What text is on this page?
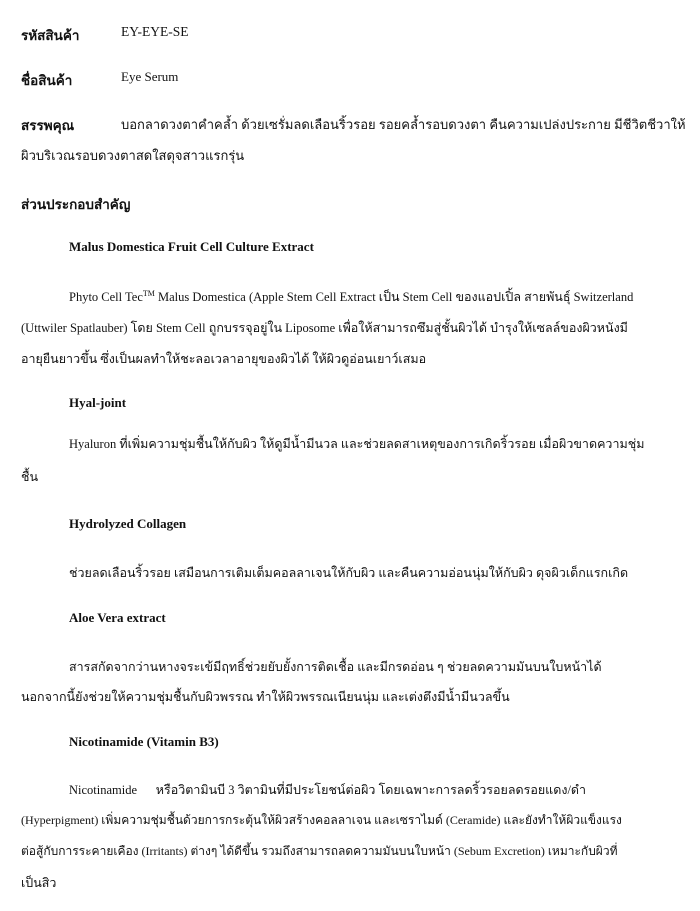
รหัสสินค้า	EY-EYE-SE
ชื่อสินค้า	Eye Serum
สรรพคุณ	บอกลาดวงตาคำคล้ำ ด้วยเซรั่มลดเลือนริ้วรอย รอยคล้ำรอบดวงตา คืนความเปล่งประกาย มีชีวิตชีวาให้
ผิวบริเวณรอบดวงตาสดใสดุจสาวแรกรุ่น
ส่วนประกอบสำคัญ
Malus Domestica Fruit Cell Culture Extract
Phyto Cell Tec™ Malus Domestica (Apple Stem Cell Extract เป็น Stem Cell ของแอปเปิ้ล สายพันธุ์ Switzerland
(Uttwiler Spatlauber) โดย Stem Cell ถูกบรรจุอยู่ใน Liposome เพื่อให้สามารถซึมสู่ชั้นผิวได้ บำรุงให้เซลล์ของผิวหนังมี
อายุยืนยาวขึ้น ซึ่งเป็นผลทำให้ชะลอเวลาอายุของผิวได้ ให้ผิวดูอ่อนเยาว์เสมอ
Hyal-joint
Hyaluron ที่เพิ่มความชุ่มชื้นให้กับผิว ให้ดูมีน้ำมีนวล และช่วยลดสาเหตุของการเกิดริ้วรอย เมื่อผิวขาดความชุ่ม
ชื้น
Hydrolyzed Collagen
ช่วยลดเลือนริ้วรอย เสมือนการเติมเต็มคอลลาเจนให้กับผิว และคืนความอ่อนนุ่มให้กับผิว ดุจผิวเด็กแรกเกิด
Aloe Vera extract
สารสกัดจากว่านหางจระเข้มีฤทธิ์ช่วยยับยั้งการติดเชื้อ และมีกรดอ่อน ๆ ช่วยลดความมันบนใบหน้าได้
นอกจากนี้ยังช่วยให้ความชุ่มชื้นกับผิวพรรณ ทำให้ผิวพรรณเนียนนุ่ม และเต่งตึงมีน้ำมีนวลขึ้น
Nicotinamide (Vitamin B3)
Nicotinamide      หรือวิตามินบี 3 วิตามินที่มีประโยชน์ต่อผิว โดยเฉพาะการลดริ้วรอยลดรอยแดง/ดำ
(Hyperpigment) เพิ่มความชุ่มชื้นด้วยการกระตุ้นให้ผิวสร้างคอลลาเจน และเซราไมด์ (Ceramide) และยังทำให้ผิวแข็งแรง
ต่อสู้กับการระคายเคือง (Irritants) ต่างๆ ได้ดีขึ้น รวมถึงสามารถลดความมันบนใบหน้า (Sebum Excretion) เหมาะกับผิวที่
เป็นสิว
